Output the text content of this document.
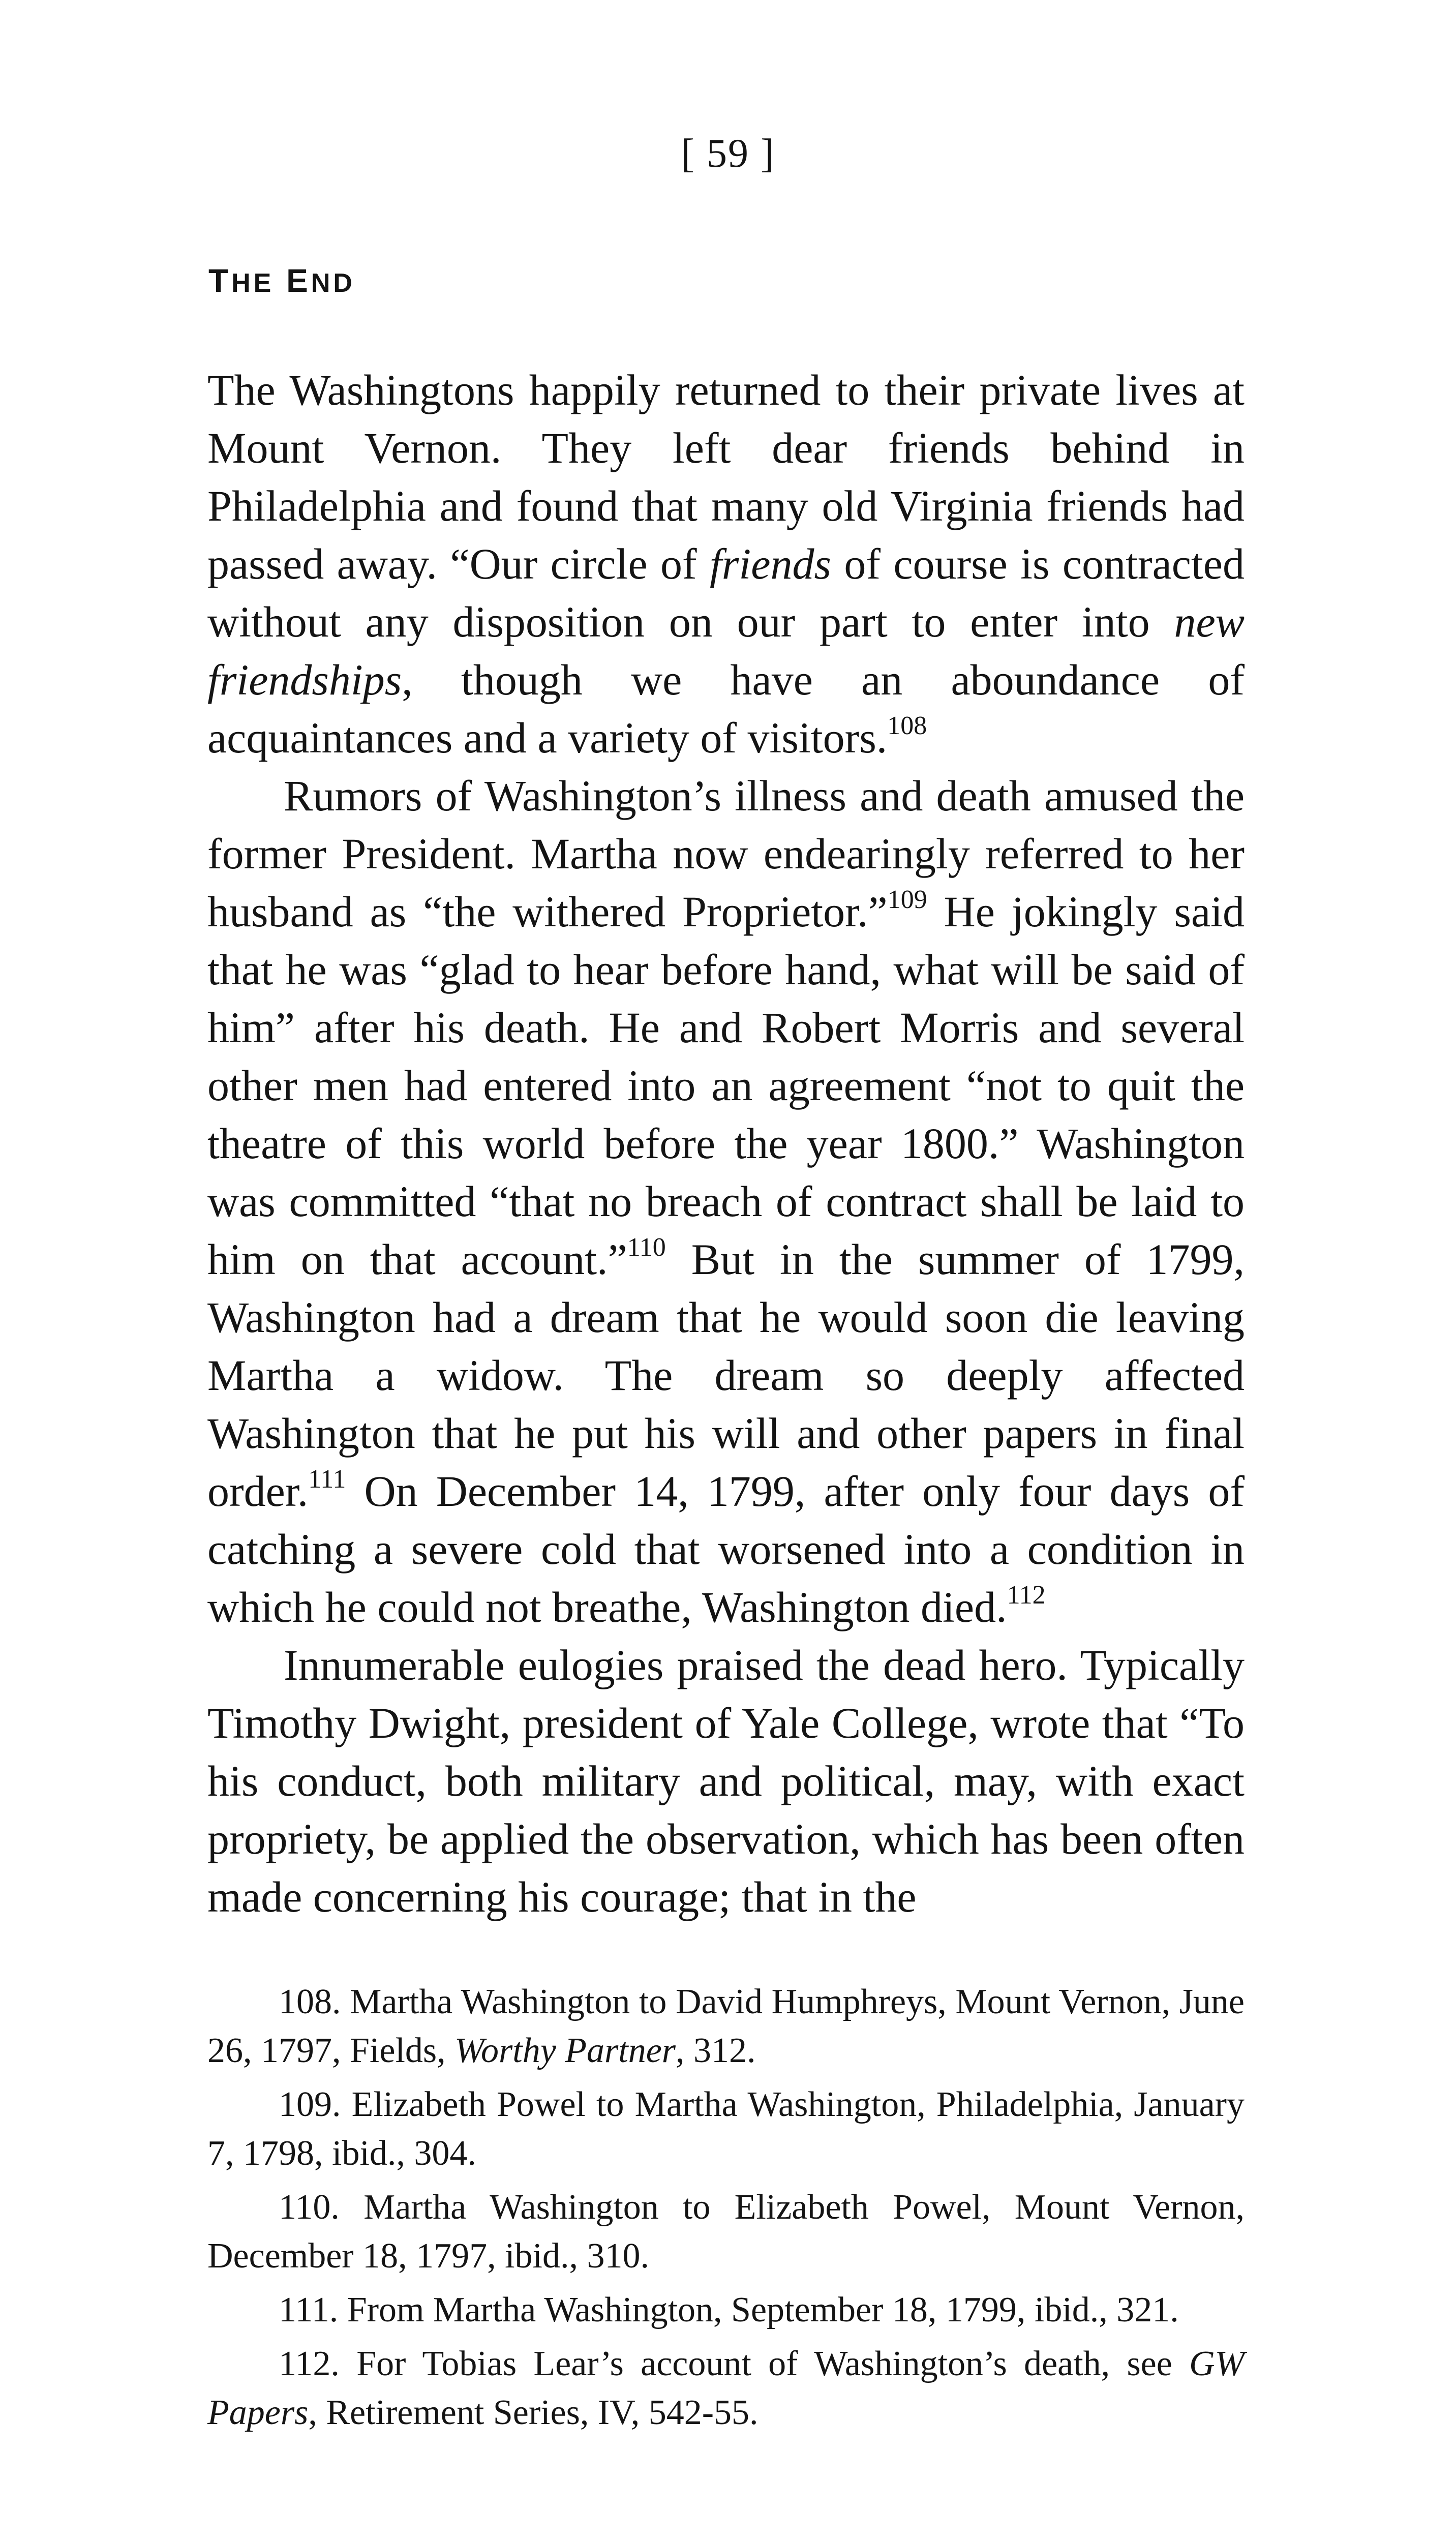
[ 59 ]
THE END

The Washingtons happily returned to their private lives at Mount Vernon. They left dear friends behind in Philadelphia and found that many old Virginia friends had passed away. “Our circle of friends of course is contracted without any disposition on our part to enter into new friendships, though we have an aboundance of acquaintances and a variety of visitors.$^{108}$

Rumors of Washington’s illness and death amused the former President. Martha now endearingly referred to her husband as “the withered Proprietor.”$^{109}$ He jokingly said that he was “glad to hear before hand, what will be said of him” after his death. He and Robert Morris and several other men had entered into an agreement “not to quit the theatre of this world before the year 1800.” Washington was committed “that no breach of contract shall be laid to him on that account.”$^{110}$ But in the summer of 1799, Washington had a dream that he would soon die leaving Martha a widow. The dream so deeply affected Washington that he put his will and other papers in final order.$^{111}$ On December 14, 1799, after only four days of catching a severe cold that worsened into a condition in which he could not breathe, Washington died.$^{112}$

Innumerable eulogies praised the dead hero. Typically Timothy Dwight, president of Yale College, wrote that “To his conduct, both military and political, may, with exact propriety, be applied the observation, which has been often made concerning his courage; that in the

108. Martha Washington to David Humphreys, Mount Vernon, June 26, 1797, Fields, Worthy Partner, 312.

109. Elizabeth Powel to Martha Washington, Philadelphia, January 7, 1798, ibid., 304.

110. Martha Washington to Elizabeth Powel, Mount Vernon, December 18, 1797, ibid., 310.

111. From Martha Washington, September 18, 1799, ibid., 321.

112. For Tobias Lear’s account of Washington’s death, see GW Papers, Retirement Series, IV, 542-55.
